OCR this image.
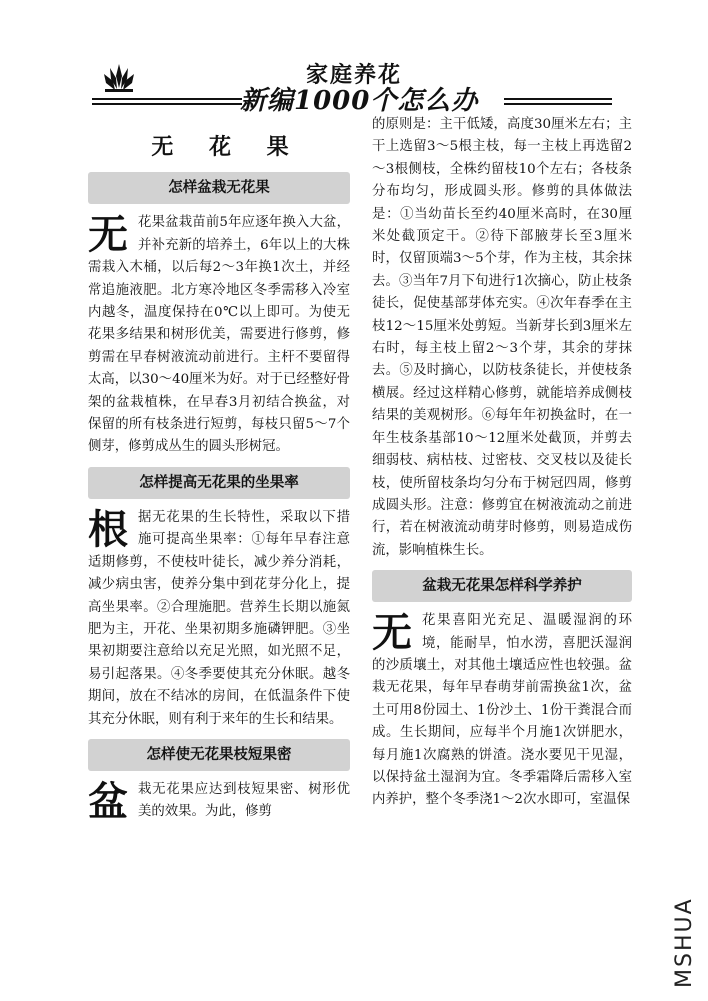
家庭养花
新编1000个怎么办
无 花 果
怎样盆栽无花果

无 花果盆栽苗前5年应逐年换入大盆，并补充新的培养土，6年以上的大株需栽入木桶，以后每2～3年换1次土，并经常追施液肥。北方寒冷地区冬季需移入冷室内越冬，温度保持在0℃以上即可。为使无花果多结果和树形优美，需要进行修剪，修剪需在早春树液流动前进行。主杆不要留得太高，以30～40厘米为好。对于已经整好骨架的盆栽植株，在早春3月初结合换盆，对保留的所有枝条进行短剪，每枝只留5～7个侧芽，修剪成丛生的圆头形树冠。

怎样提高无花果的坐果率

根 据无花果的生长特性，采取以下措施可提高坐果率：①每年早春注意适期修剪，不使枝叶徒长，减少养分消耗，减少病虫害，使养分集中到花芽分化上，提高坐果率。②合理施肥。营养生长期以施氮肥为主，开花、坐果初期多施磷钾肥。③坐果初期要注意给以充足光照，如光照不足，易引起落果。④冬季要使其充分休眠。越冬期间，放在不结冰的房间，在低温条件下使其充分休眠，则有利于来年的生长和结果。

怎样使无花果枝短果密

盆 栽无花果应达到枝短果密、树形优美的效果。为此，修剪

的原则是：主干低矮，高度30厘米左右；主干上选留3～5根主枝，每一主枝上再选留2～3根侧枝，全株约留枝10个左右；各枝条分布均匀，形成圆头形。修剪的具体做法是：①当幼苗长至约40厘米高时，在30厘米处截顶定干。②待下部腋芽长至3厘米时，仅留顶端3～5个芽，作为主枝，其余抹去。③当年7月下旬进行1次摘心，防止枝条徒长，促使基部芽体充实。④次年春季在主枝12～15厘米处剪短。当新芽长到3厘米左右时，每主枝上留2～3个芽，其余的芽抹去。⑤及时摘心，以防枝条徒长，并使枝条横展。经过这样精心修剪，就能培养成侧枝结果的美观树形。⑥每年年初换盆时，在一年生枝条基部10～12厘米处截顶，并剪去细弱枝、病枯枝、过密枝、交叉枝以及徒长枝，使所留枝条均匀分布于树冠四周，修剪成圆头形。注意：修剪宜在树液流动之前进行，若在树液流动萌芽时修剪，则易造成伤流，影响植株生长。

盆栽无花果怎样科学养护

无 花果喜阳光充足、温暖湿润的环境，能耐旱，怕水涝，喜肥沃湿润的沙质壤土，对其他土壤适应性也较强。盆栽无花果，每年早春萌芽前需换盆1次，盆土可用8份园土、1份沙土、1份干粪混合而成。生长期间，应每半个月施1次饼肥水，每月施1次腐熟的饼渣。浇水要见干见湿，以保持盆土湿润为宜。冬季霜降后需移入室内养护，整个冬季浇1～2次水即可，室温保

MSHUA
